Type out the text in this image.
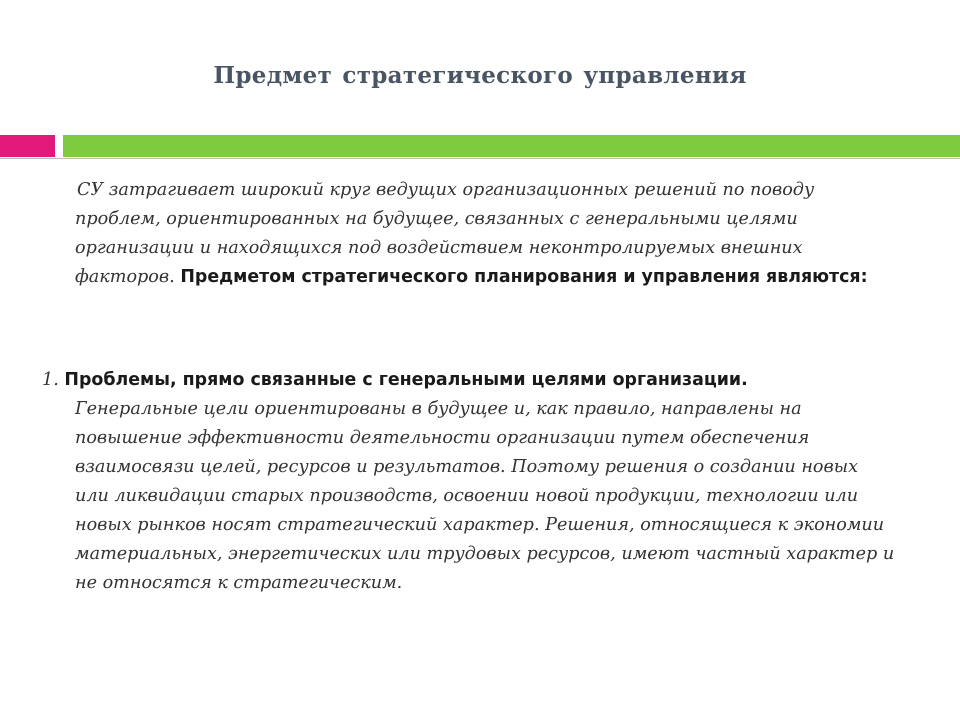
Предмет стратегического управления

СУ затрагивает широкий круг ведущих организационных решений по поводу проблем, ориентированных на будущее, связанных с генеральными целями организации и находящихся под воздействием неконтролируемых внешних факторов. Предметом стратегического планирования и управления являются:

1. Проблемы, прямо связанные с генеральными целями организации.
Генеральные цели ориентированы в будущее и, как правило, направлены на повышение эффективности деятельности организации путем обеспечения взаимосвязи целей, ресурсов и результатов. Поэтому решения о создании новых или ликвидации старых производств, освоении новой продукции, технологии или новых рынков носят стратегический характер. Решения, относящиеся к экономии материальных, энергетических или трудовых ресурсов, имеют частный характер и не относятся к стратегическим.
